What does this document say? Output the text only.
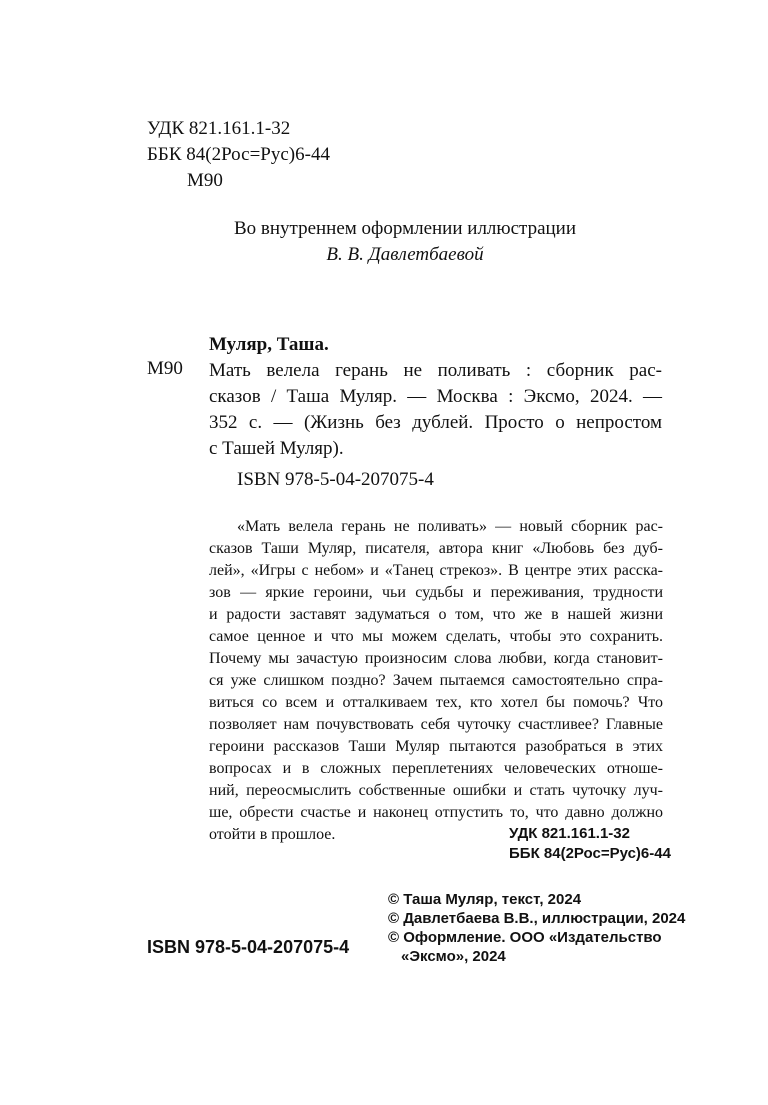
УДК 821.161.1-32
ББК 84(2Рос=Рус)6-44
М90
Во внутреннем оформлении иллюстрации
В. В. Давлетбаевой
Муляр, Таша.
М90 Мать велела герань не поливать : сборник рас-
сказов / Таша Муляр. — Москва : Эксмо, 2024. —
352 с. — (Жизнь без дублей. Просто о непростом
с Ташей Муляр).
ISBN 978-5-04-207075-4
«Мать велела герань не поливать» — новый сборник рас-
сказов Таши Муляр, писателя, автора книг «Любовь без дуб-
лей», «Игры с небом» и «Танец стрекоз». В центре этих расска-
зов — яркие героини, чьи судьбы и переживания, трудности
и радости заставят задуматься о том, что же в нашей жизни
самое ценное и что мы можем сделать, чтобы это сохранить.
Почему мы зачастую произносим слова любви, когда становит-
ся уже слишком поздно? Зачем пытаемся самостоятельно спра-
виться со всем и отталкиваем тех, кто хотел бы помочь? Что
позволяет нам почувствовать себя чуточку счастливее? Главные
героини рассказов Таши Муляр пытаются разобраться в этих
вопросах и в сложных переплетениях человеческих отноше-
ний, переосмыслить собственные ошибки и стать чуточку луч-
ше, обрести счастье и наконец отпустить то, что давно должно
отойти в прошлое.	УДК 821.161.1-32
ББК 84(2Рос=Рус)6-44
© Таша Муляр, текст, 2024
© Давлетбаева В.В., иллюстрации, 2024
© Оформление. ООО «Издательство
«Эксмо», 2024
ISBN 978-5-04-207075-4
